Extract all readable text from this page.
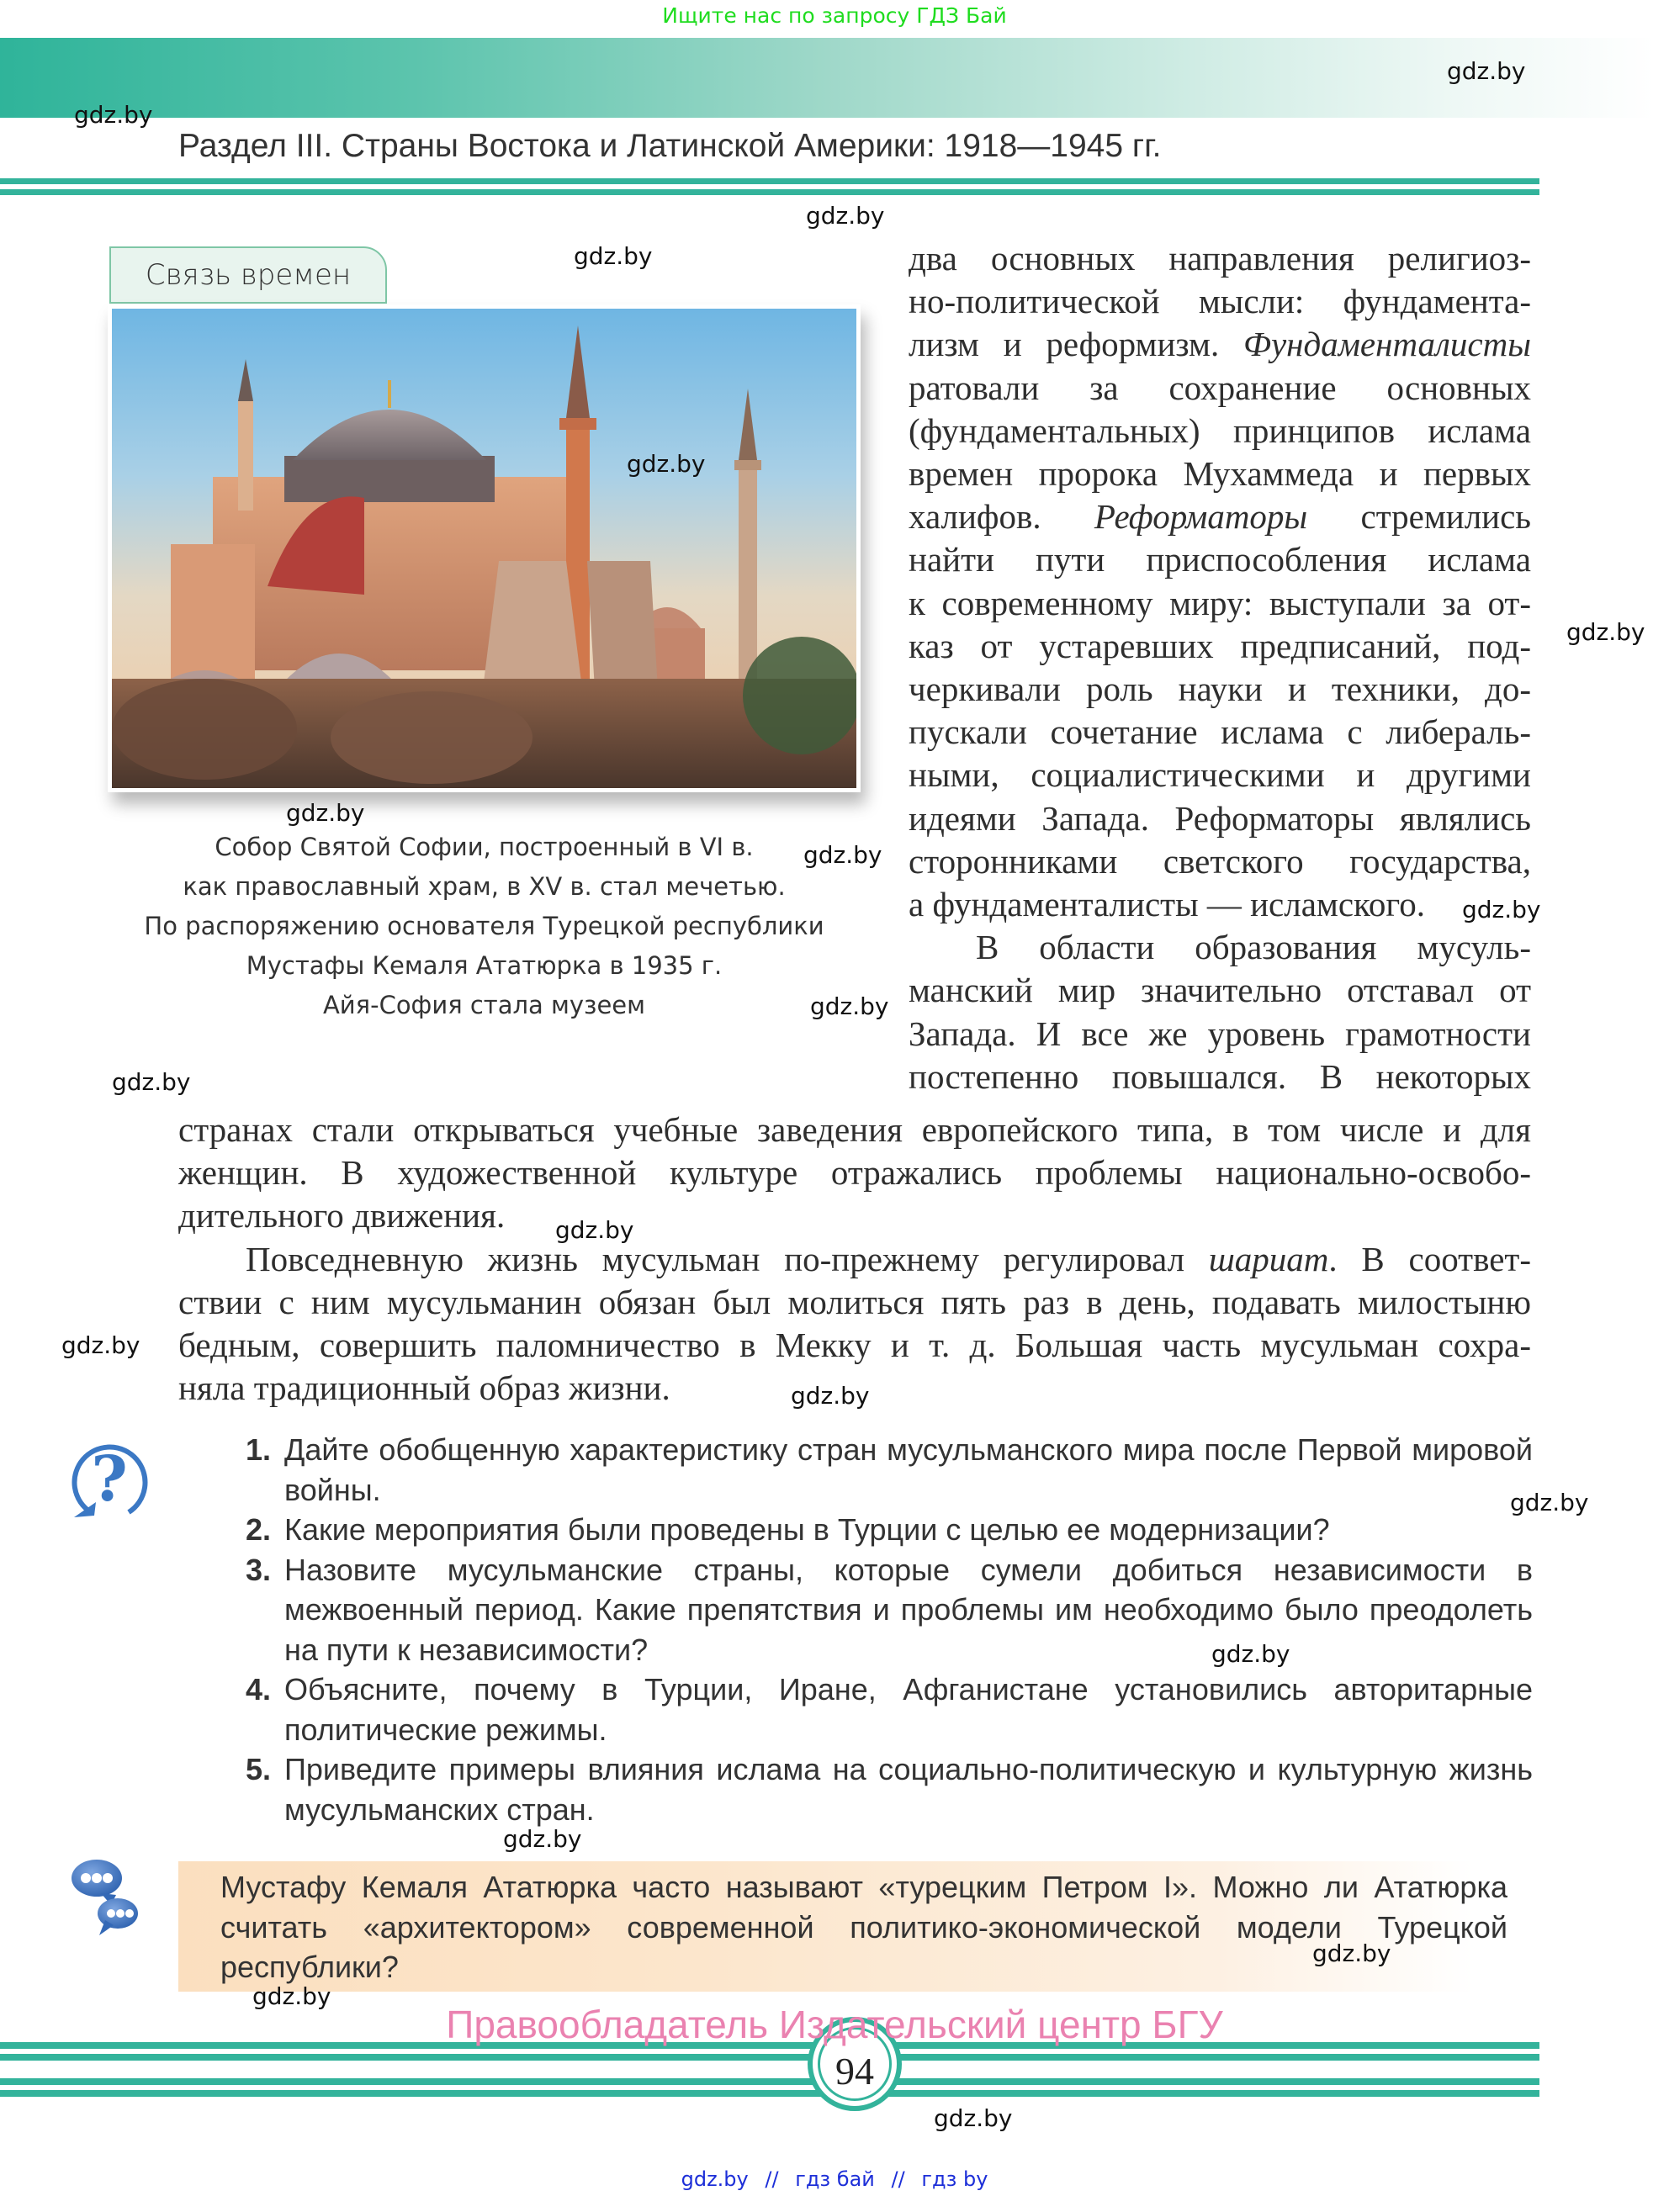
Ищите нас по запросу ГДЗ Бай
Раздел III. Страны Востока и Латинской Америки: 1918—1945 гг.
Связь времен
Собор Святой Софии, построенный в VI в.
как православный храм, в XV в. стал мечетью.
По распоряжению основателя Турецкой республики
Мустафы Кемаля Ататюрка в 1935 г.
Айя-София стала музеем
два основных направления религиоз-
но-политической мысли: фундамента-
лизм и реформизм. Фундаменталисты
ратовали за сохранение основных
(фундаментальных) принципов ислама
времен пророка Мухаммеда и первых
халифов. Реформаторы стремились
найти пути приспособления ислама
к современному миру: выступали за от-
каз от устаревших предписаний, под-
черкивали роль науки и техники, до-
пускали сочетание ислама с либераль-
ными, социалистическими и другими
идеями Запада. Реформаторы являлись
сторонниками светского государства,
а фундаменталисты — исламского.
В области образования мусуль-
манский мир значительно отставал от
Запада. И все же уровень грамотности
постепенно повышался. В некоторых
странах стали открываться учебные заведения европейского типа, в том числе и для
женщин. В художественной культуре отражались проблемы национально-освобо-
дительного движения.
Повседневную жизнь мусульман по-прежнему регулировал шариат. В соответ-
ствии с ним мусульманин обязан был молиться пять раз в день, подавать милостыню
бедным, совершить паломничество в Мекку и т. д. Большая часть мусульман сохра-
няла традиционный образ жизни.
?	1. Дайте обобщенную характеристику стран мусульманского мира после Первой мировой войны.
2. Какие мероприятия были проведены в Турции с целью ее модернизации?
3. Назовите мусульманские страны, которые сумели добиться независимости в межвоенный период. Какие препятствия и проблемы им необходимо было преодолеть на пути к независимости?
4. Объясните, почему в Турции, Иране, Афганистане установились авторитарные политические режимы.
5. Приведите примеры влияния ислама на социально-политическую и культурную жизнь мусульманских стран.
Мустафу Кемаля Ататюрка часто называют «турецким Петром I». Можно ли Ататюрка считать «архитектором» современной политико-экономической модели Турецкой республики?
94
Правообладатель Издательский центр БГУ
gdz.by // гдз бай // гдз by
gdz.by
gdz.by
gdz.by
gdz.by
gdz.by
gdz.by
gdz.by
gdz.by
gdz.by
gdz.by
gdz.by
gdz.by
gdz.by
gdz.by
gdz.by
gdz.by
gdz.by
gdz.by
gdz.by
gdz.by
